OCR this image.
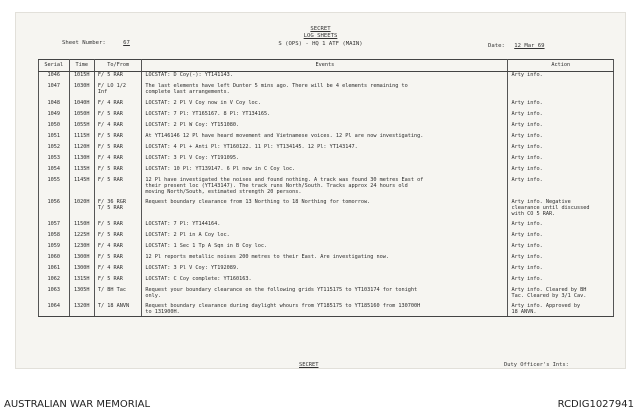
SECRET
LOG SHEETS
S (OPS) - HQ 1 ATF (MAIN)
Sheet Number:	67	Date: 12 Mar 69
Serial	Time	To/From	Events	Action
1046	1015H	F/ 5 RAR	LOCSTAT: D Coy(-): YT141143.	Arty info.
1047	1030H	F/ LO 1/2 Inf	The last elements have left Dunter 5 mins ago. There will be 4 elements remaining to
complete last arrangements.	
1048	1040H	F/ 4 RAR	LOCSTAT: 2 Pl V Coy now in V Coy loc.	Arty info.
1049	1050H	F/ 5 RAR	LOCSTAT: 7 Pl: YT165167. 8 Pl: YT134165.	Arty info.
1050	1055H	F/ 4 RAR	LOCSTAT: 2 Pl W Coy: YT151080.	Arty info.
1051	1115H	F/ 5 RAR	At YT146146 12 Pl have heard movement and Vietnamese voices. 12 Pl are now investigating.	Arty info.
1052	1120H	F/ 5 RAR	LOCSTAT: 4 Pl + Anti Pl: YT160122. 11 Pl: YT134145. 12 Pl: YT143147.	Arty info.
1053	1130H	F/ 4 RAR	LOCSTAT: 3 Pl V Coy: YT191095.	Arty info.
1054	1135H	F/ 5 RAR	LOCSTAT: 10 Pl: YT139147. 6 Pl now in C Coy loc.	Arty info.
1055	1145H	F/ 5 RAR	12 Pl have investigated the noises and found nothing. A track was found 30 metres East of
their present loc (YT143147). The track runs North/South. Tracks approx 24 hours old
moving North/South, estimated strength 20 persons.	Arty info.
1056	1020H	F/ 36 RGR
T/ 5 RAR	Request boundary clearance from 13 Northing to 18 Northing for tomorrow.	Arty info. Negative
clearance until discussed
with CO 5 RAR.
1057	1150H	F/ 5 RAR	LOCSTAT: 7 Pl: YT144164.	Arty info.
1058	1225H	F/ 5 RAR	LOCSTAT: 2 Pl in A Coy loc.	Arty info.
1059	1230H	F/ 4 RAR	LOCSTAT: 1 Sec 1 Tp A Sqn in B Coy loc.	Arty info.
1060	1300H	F/ 5 RAR	12 Pl reports metallic noises 200 metres to their East. Are investigating now.	Arty info.
1061	1300H	F/ 4 RAR	LOCSTAT: 3 Pl V Coy: YT192089.	Arty info.
1062	1315H	F/ 5 RAR	LOCSTAT: C Coy complete: YT160163.	Arty info.
1063	1305H	T/ BH Tac	Request your boundary clearance on the following grids YT115175 to YT103174 for tonight
only.	Arty info. Cleared by BH
Tac. Cleared by 3/1 Cav.
1064	1320H	T/ 18 ANVN	Request boundary clearance during daylight whours from YT185175 to YT185160 from 130700H
to 131900H.	Arty info. Approved by
18 ANVN.
SECRET	Duty Officer's Ints:
AUSTRALIAN WAR MEMORIAL	RCDIG1027941
